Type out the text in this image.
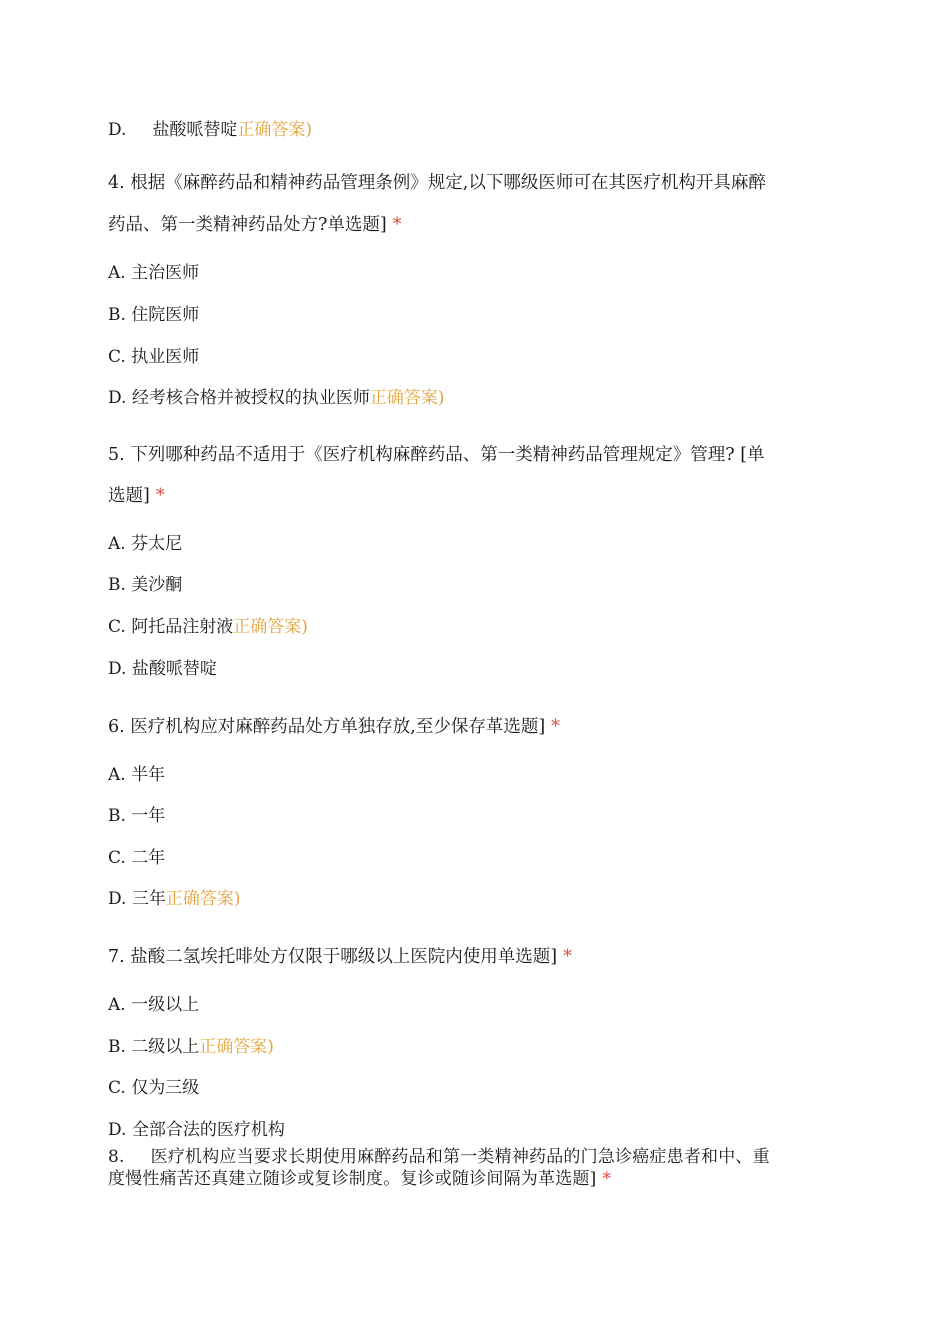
D. 盐酸哌替啶正确答案)
4. 根据《麻醉药品和精神药品管理条例》规定,以下哪级医师可在其医疗机构开具麻醉
药品、第一类精神药品处方?单选题] *
A. 主治医师
B. 住院医师
C. 执业医师
D. 经考核合格并被授权的执业医师正确答案)
5. 下列哪种药品不适用于《医疗机构麻醉药品、第一类精神药品管理规定》管理? [单
选题] *
A. 芬太尼
B. 美沙酮
C. 阿托品注射液正确答案)
D. 盐酸哌替啶
6. 医疗机构应对麻醉药品处方单独存放,至少保存革选题] *
A. 半年
B. 一年
C. 二年
D. 三年正确答案)
7. 盐酸二氢埃托啡处方仅限于哪级以上医院内使用单选题] *
A. 一级以上
B. 二级以上正确答案)
C. 仅为三级
D. 全部合法的医疗机构
8. 医疗机构应当要求长期使用麻醉药品和第一类精神药品的门急诊癌症患者和中、重
度慢性痛苦还真建立随诊或复诊制度。复诊或随诊间隔为革选题] *
